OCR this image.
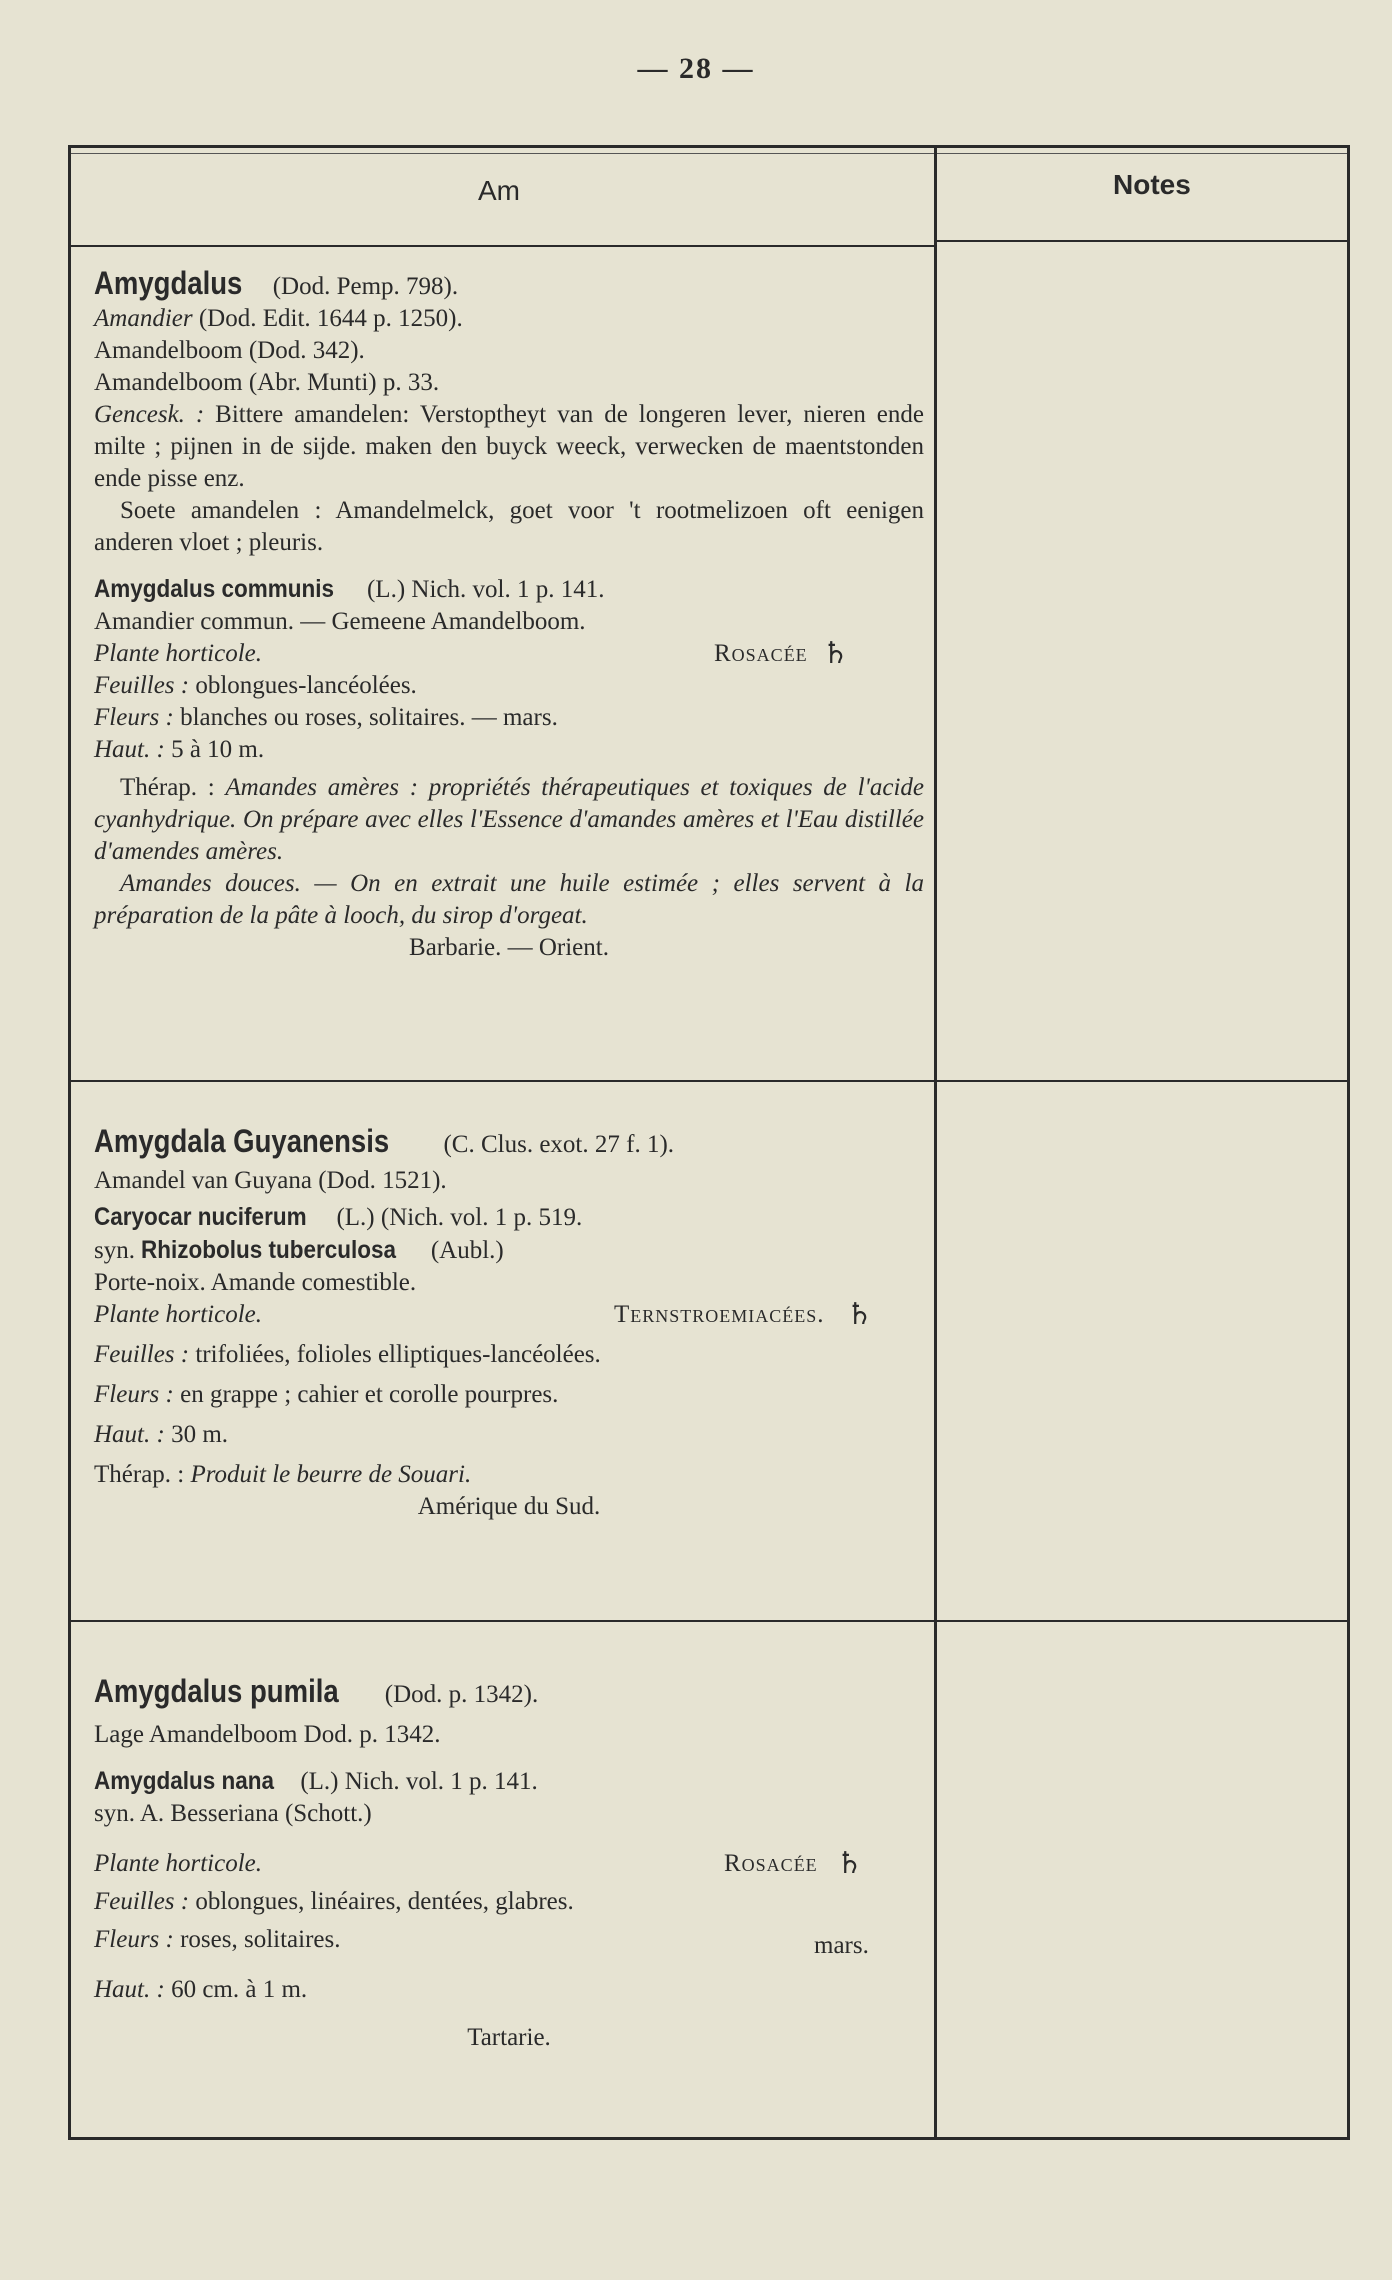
— 28 —
Am	Notes
Amygdalus (Dod. Pemp. 798).
Amandier (Dod. Edit. 1644 p. 1250).
Amandelboom (Dod. 342).
Amandelboom (Abr. Munti) p. 33.
Gencesk. : Bittere amandelen: Verstoptheyt van de longeren lever, nieren ende milte ; pijnen in de sijde. maken den buyck weeck, verwecken de maentstonden ende pisse enz.
Soete amandelen : Amandelmelck, goet voor 't rootmelizoen oft eenigen anderen vloet ; pleuris.
Amygdalus communis (L.) Nich. vol. 1 p. 141.
Amandier commun. — Gemeene Amandelboom.
Plante horticole.	Rosacée ♄
Feuilles : oblongues-lancéolées.
Fleurs : blanches ou roses, solitaires. — mars.
Haut. : 5 à 10 m.
Thérap. : Amandes amères : propriétés thérapeutiques et toxiques de l'acide cyanhydrique. On prépare avec elles l'Essence d'amandes amères et l'Eau distillée d'amendes amères.
Amandes douces. — On en extrait une huile estimée ; elles servent à la préparation de la pâte à looch, du sirop d'orgeat.
Barbarie. — Orient.
Amygdala Guyanensis (C. Clus. exot. 27 f. 1).
Amandel van Guyana (Dod. 1521).
Caryocar nuciferum (L.) (Nich. vol. 1 p. 519.
syn. Rhizobolus tuberculosa (Aubl.)
Porte-noix. Amande comestible.
Plante horticole.	Ternstroemiacées. ♄
Feuilles : trifoliées, folioles elliptiques-lancéolées.
Fleurs : en grappe ; cahier et corolle pourpres.
Haut. : 30 m.
Thérap. : Produit le beurre de Souari.
Amérique du Sud.
Amygdalus pumila (Dod. p. 1342).
Lage Amandelboom Dod. p. 1342.
Amygdalus nana (L.) Nich. vol. 1 p. 141.
syn. A. Besseriana (Schott.)
Plante horticole.	Rosacée ♄
Feuilles : oblongues, linéaires, dentées, glabres.
Fleurs : roses, solitaires.	mars.
Haut. : 60 cm. à 1 m.
Tartarie.
